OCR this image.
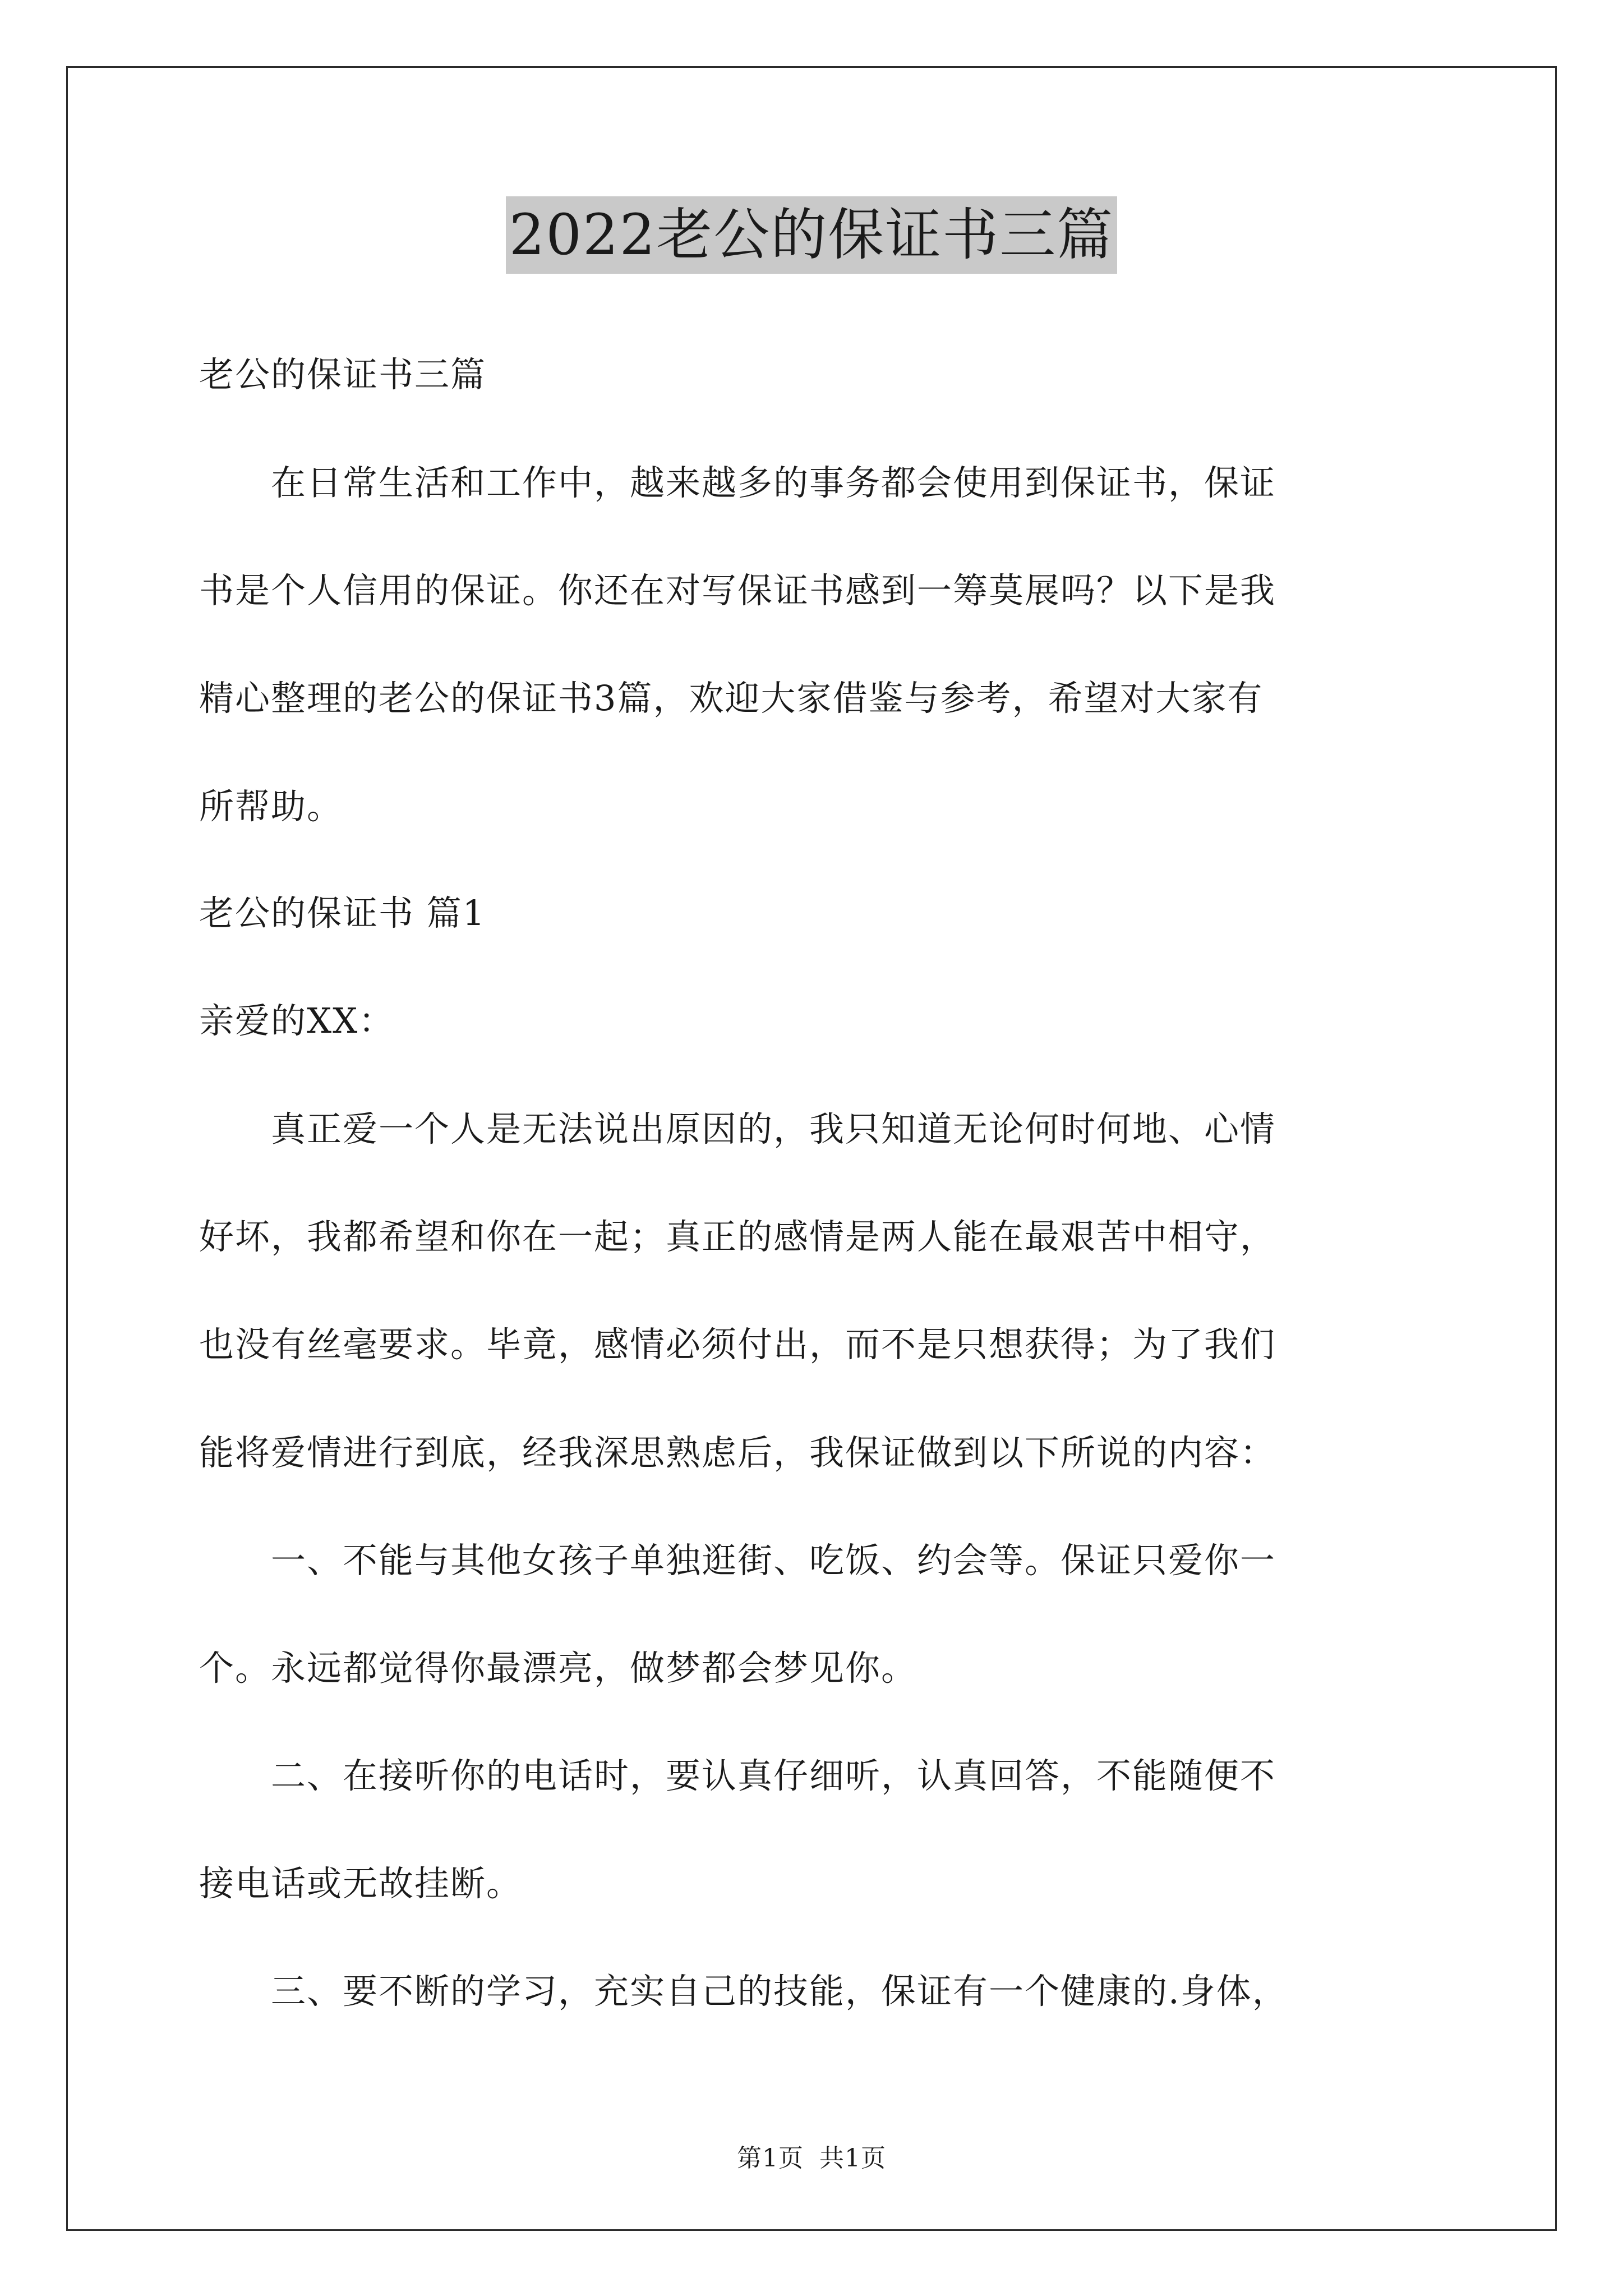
2022老公的保证书三篇
老公的保证书三篇
　　在日常生活和工作中，越来越多的事务都会使用到保证书，保证
书是个人信用的保证。你还在对写保证书感到一筹莫展吗？以下是我
精心整理的老公的保证书3篇，欢迎大家借鉴与参考，希望对大家有
所帮助。
老公的保证书 篇1
亲爱的XX：
　　真正爱一个人是无法说出原因的，我只知道无论何时何地、心情
好坏，我都希望和你在一起；真正的感情是两人能在最艰苦中相守，
也没有丝毫要求。毕竟，感情必须付出，而不是只想获得；为了我们
能将爱情进行到底，经我深思熟虑后，我保证做到以下所说的内容：
　　一、不能与其他女孩子单独逛街、吃饭、约会等。保证只爱你一
个。永远都觉得你最漂亮，做梦都会梦见你。
　　二、在接听你的电话时，要认真仔细听，认真回答，不能随便不
接电话或无故挂断。
　　三、要不断的学习，充实自己的技能，保证有一个健康的.身体，
第1页 共1页
